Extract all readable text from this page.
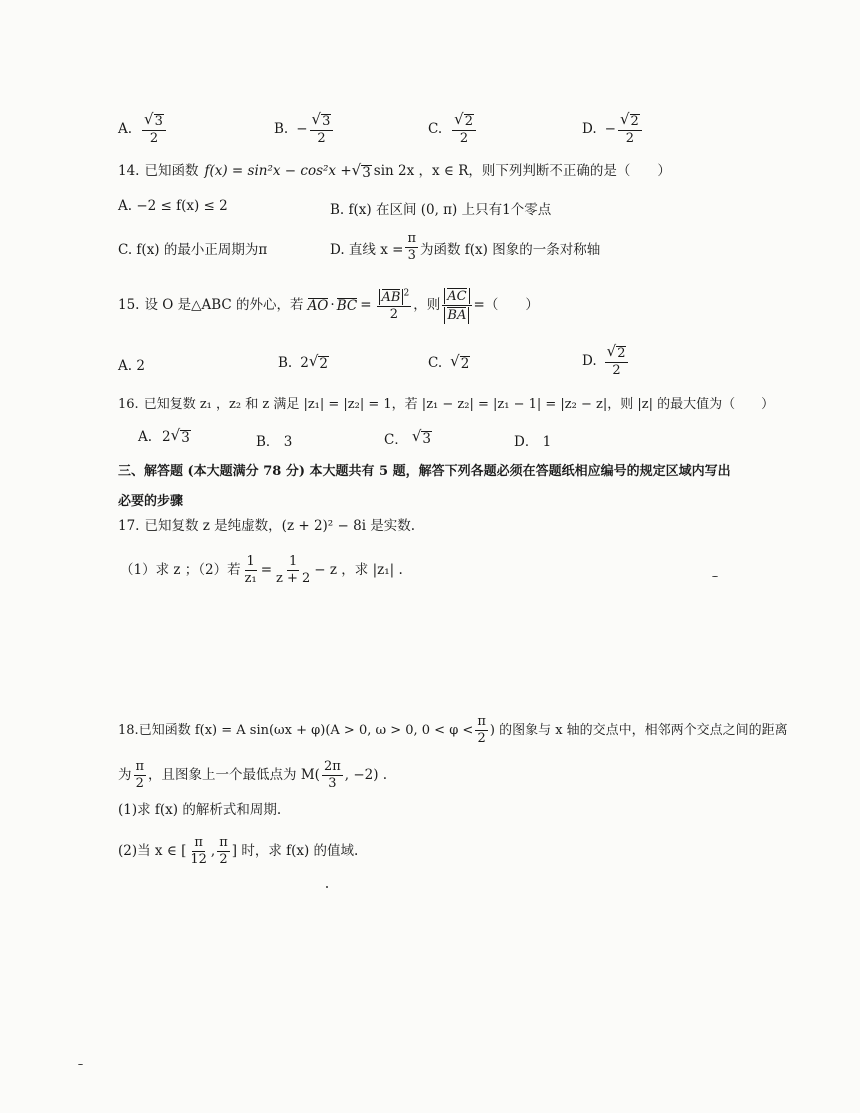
A. $\frac{√ 3}{2}$	B. − $\frac{√ 3}{2}$	C. $\frac{√ 2}{2}$	D. − $\frac{√ 2}{2}$
14. 已知函数 f(x) = sin²x − cos²x + √ 3 sin 2x ，x ∈ R，则下列判断不正确的是（　　）
A. −2 ≤ f(x) ≤ 2	B. f(x) 在区间 (0, π) 上只有1个零点
C. f(x) 的最小正周期为π	D. 直线 $x = \frac{\pi}{3}$ 为函数 f(x) 图象的一条对称轴
15. 设 O 是△ABC 的外心，若 AO · BC = $\frac{AB ^2}{2}$ ，则 $\frac{AC}{BA}$ =（　　）
A. 2	B. 2 √ 2	C. √ 2	D. $\frac{√ 2}{2}$
16. 已知复数 z₁ ，z₂ 和 z 满足 |z₁| = |z₂| = 1，若 |z₁ − z₂| = |z₁ − 1| = |z₂ − z|，则 |z| 的最大值为（　　）
A. 2 √ 3	B． 3	C． √ 3	D． 1
三、解答题 (本大题满分 78 分) 本大题共有 5 题，解答下列各题必须在答题纸相应编号的规定区域内写出
必要的步骤
17. 已知复数 z 是纯虚数，(z + 2)² − 8i 是实数.
（1）求 z ；（2）若 $\frac{1}{\text{z₁}} = \frac{1}{z + 2} - z$ ，求 |z₁| .
18. 已知函数 f(x) = A sin(ωx + φ)(A > 0, ω > 0, $0 < \varphi < \frac{\pi}{2}$ ) 的图象与 x 轴的交点中，相邻两个交点之间的距离
为 $\frac{\pi}{2}$ ，且图象上一个最低点为 $M( \frac{2\pi}{3}$ , −2) .
(1)求 f(x) 的解析式和周期.
(2)当 x ∈ [ $\frac{\pi}{12}$ , $\frac{\pi}{2}$ ] 时，求 f(x) 的值域.
